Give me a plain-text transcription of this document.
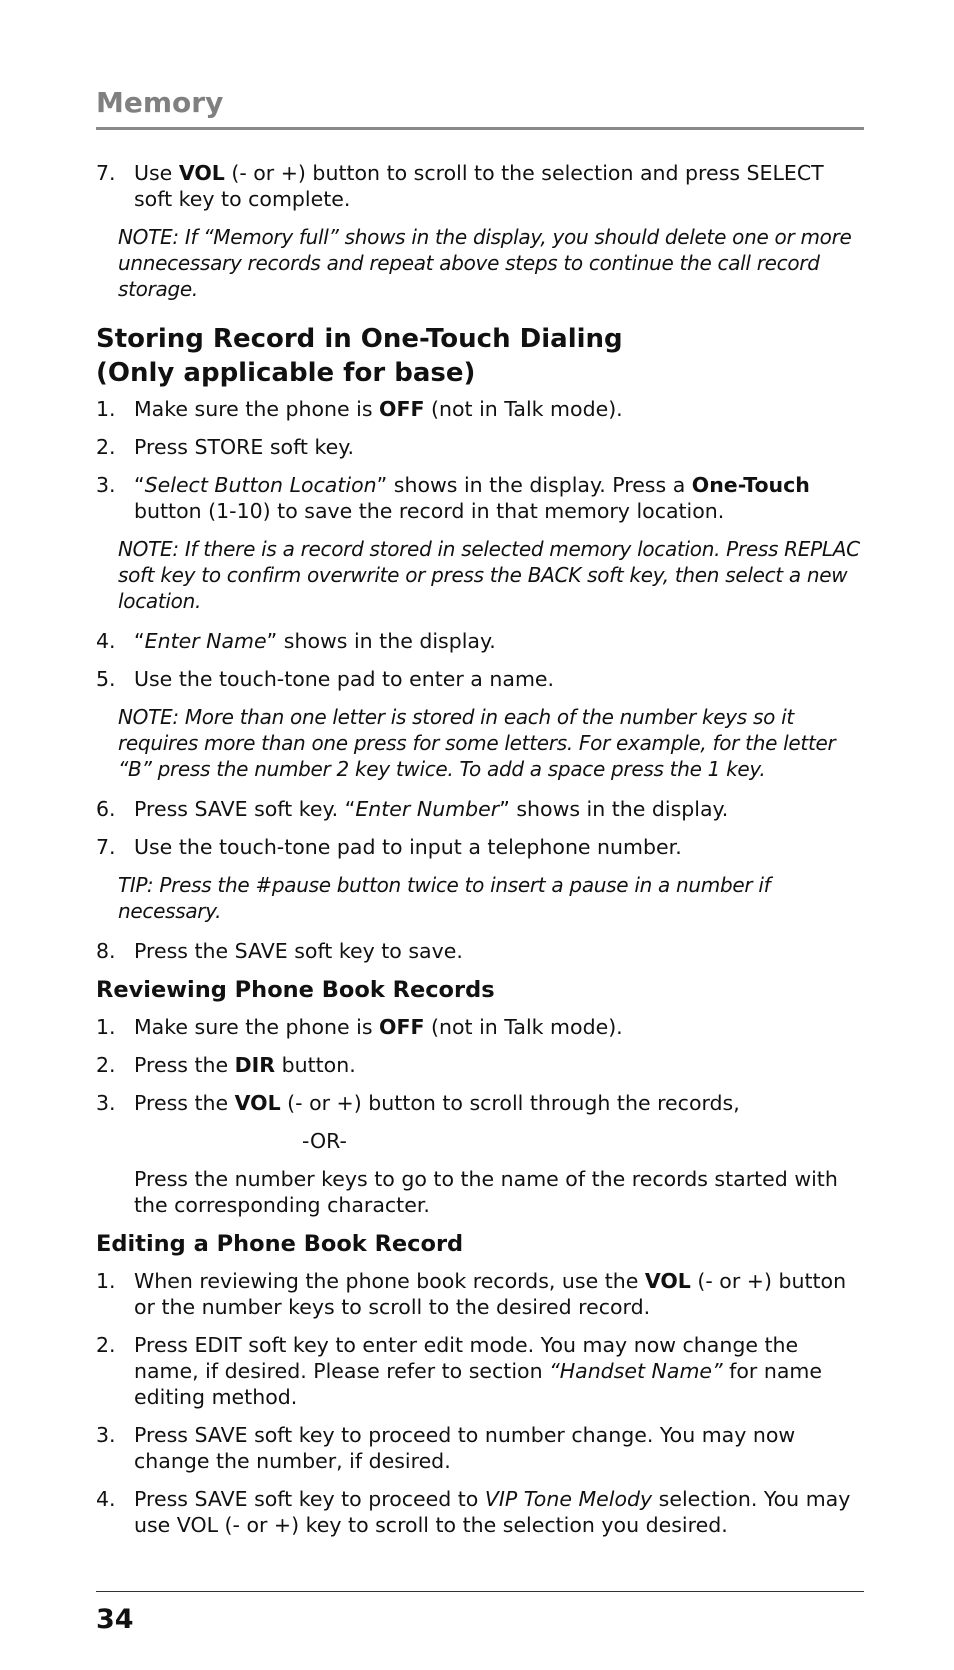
Memory
7. Use VOL (- or +) button to scroll to the selection and press SELECT soft key to complete.
NOTE: If “Memory full” shows in the display, you should delete one or more unnecessary records and repeat above steps to continue the call record storage.
Storing Record in One-Touch Dialing
(Only applicable for base)
1. Make sure the phone is OFF (not in Talk mode).
2. Press STORE soft key.
3. “Select Button Location” shows in the display. Press a One-Touch button (1-10) to save the record in that memory location.
NOTE: If there is a record stored in selected memory location. Press REPLAC soft key to confirm overwrite or press the BACK soft key, then select a new location.
4. “Enter Name” shows in the display.
5. Use the touch-tone pad to enter a name.
NOTE: More than one letter is stored in each of the number keys so it requires more than one press for some letters. For example, for the letter “B” press the number 2 key twice. To add a space press the 1 key.
6. Press SAVE soft key. “Enter Number” shows in the display.
7. Use the touch-tone pad to input a telephone number.
TIP: Press the #pause button twice to insert a pause in a number if necessary.
8. Press the SAVE soft key to save.
Reviewing Phone Book Records
1. Make sure the phone is OFF (not in Talk mode).
2. Press the DIR button.
3. Press the VOL (- or +) button to scroll through the records,
-OR-
Press the number keys to go to the name of the records started with the corresponding character.
Editing a Phone Book Record
1. When reviewing the phone book records, use the VOL (- or +) button or the number keys to scroll to the desired record.
2. Press EDIT soft key to enter edit mode. You may now change the name, if desired. Please refer to section “Handset Name” for name editing method.
3. Press SAVE soft key to proceed to number change. You may now change the number, if desired.
4. Press SAVE soft key to proceed to VIP Tone Melody selection. You may use VOL (- or +) key to scroll to the selection you desired.
34
